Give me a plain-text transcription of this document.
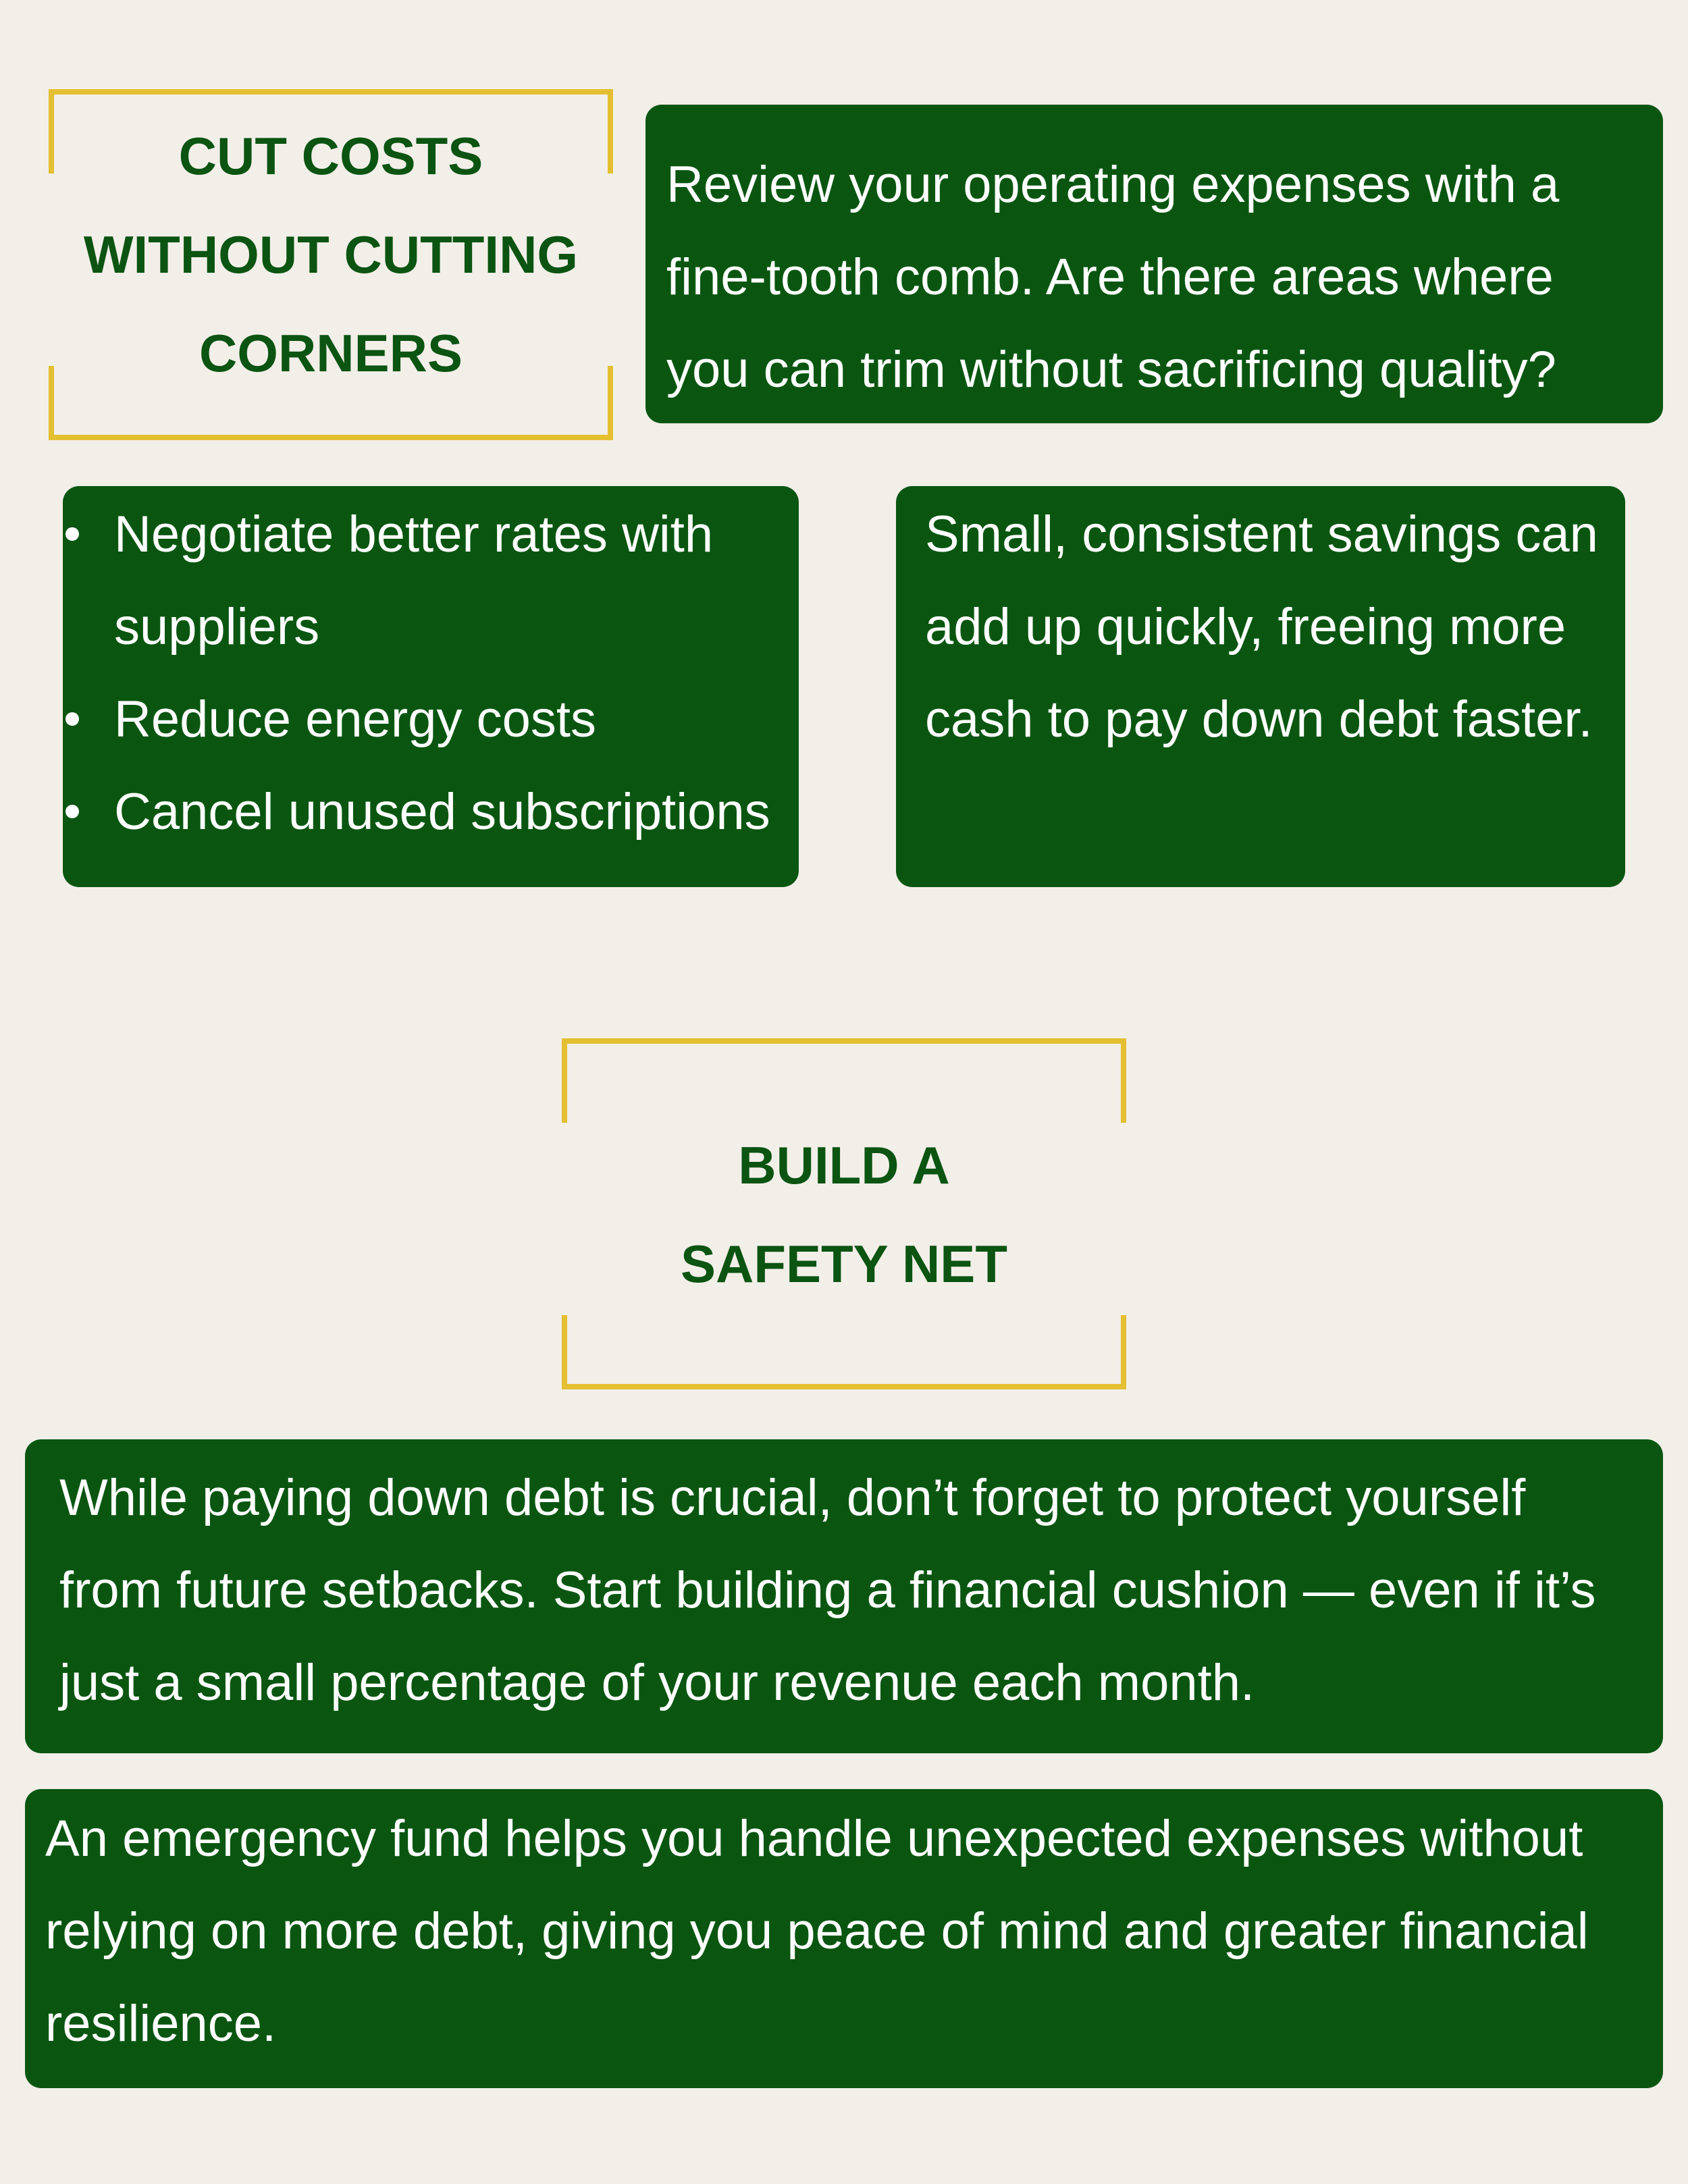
CUT COSTS
WITHOUT CUTTING
CORNERS

Review your operating expenses with a fine-tooth comb. Are there areas where you can trim without sacrificing quality?

Negotiate better rates with suppliers
Reduce energy costs
Cancel unused subscriptions

Small, consistent savings can add up quickly, freeing more cash to pay down debt faster.

BUILD A
SAFETY NET

While paying down debt is crucial, don’t forget to protect yourself from future setbacks. Start building a financial cushion — even if it’s just a small percentage of your revenue each month.

An emergency fund helps you handle unexpected expenses without relying on more debt, giving you peace of mind and greater financial resilience.
